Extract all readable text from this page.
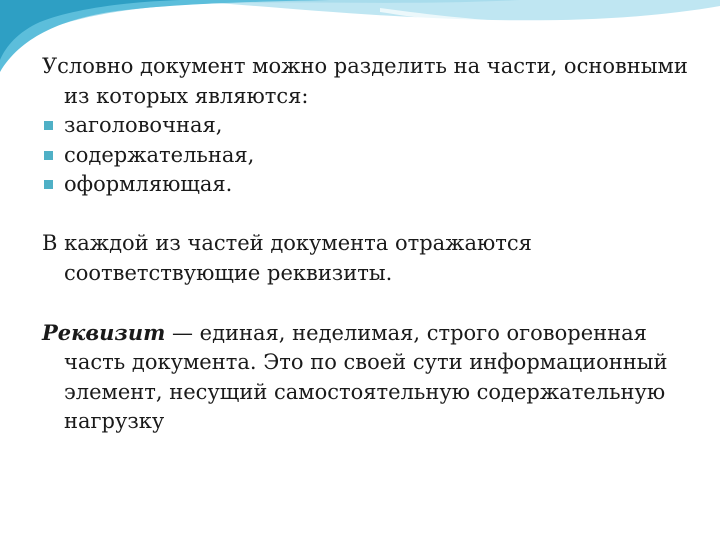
Условно документ можно разделить на части, основными из которых являются:

заголовочная,
содержательная,
оформляющая.

В каждой из частей документа отражаются соответствующие реквизиты.

Реквизит — единая, неделимая, строго оговоренная часть документа. Это по своей сути информационный элемент, несущий самостоятельную содержательную нагрузку
